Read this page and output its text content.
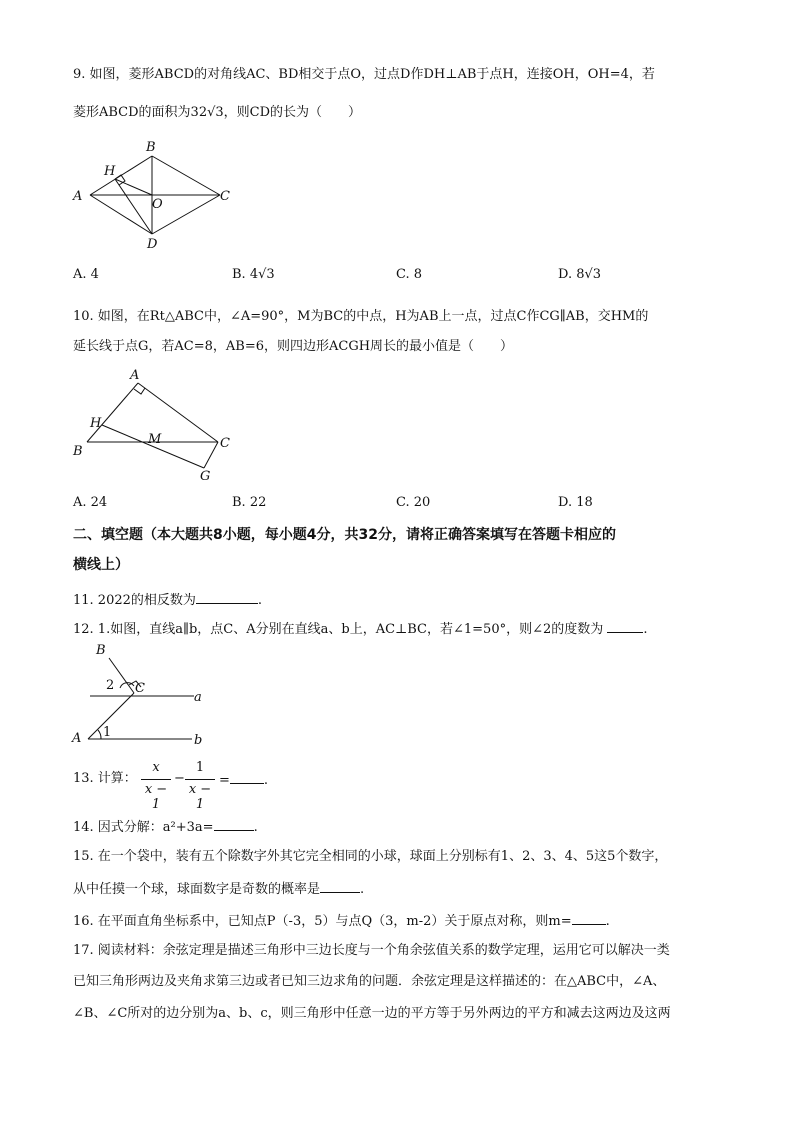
9. 如图，菱形ABCD的对角线AC、BD相交于点O，过点D作DH⊥AB于点H，连接OH，OH=4，若
菱形ABCD的面积为32√3，则CD的长为（　　）
A
B
C
D
H
O
A. 4	B. 4√3	C. 8	D. 8√3
10. 如图，在Rt△ABC中，∠A=90°，M为BC的中点，H为AB上一点，过点C作CG∥AB，交HM的
延长线于点G，若AC=8，AB=6，则四边形ACGH周长的最小值是（　　）
A
B
C
G
H
M
A. 24	B. 22	C. 20	D. 18
二、填空题（本大题共8小题，每小题4分，共32分，请将正确答案填写在答题卡相应的
横线上）
11. 2022的相反数为	.
12. 1.如图，直线a∥b，点C、A分别在直线a、b上，AC⊥BC，若∠1=50°，则∠2的度数为	.
B
C
A
a
b
1
2
13. 计算：
x
x − 1
−
1
x − 1
=	.
14. 因式分解：a²+3a=	.
15. 在一个袋中，装有五个除数字外其它完全相同的小球，球面上分别标有1、2、3、4、5这5个数字，
从中任摸一个球，球面数字是奇数的概率是	.
16. 在平面直角坐标系中，已知点P（-3，5）与点Q（3，m-2）关于原点对称，则m=	.
17. 阅读材料：余弦定理是描述三角形中三边长度与一个角余弦值关系的数学定理，运用它可以解决一类
已知三角形两边及夹角求第三边或者已知三边求角的问题．余弦定理是这样描述的：在△ABC中，∠A、
∠B、∠C所对的边分别为a、b、c，则三角形中任意一边的平方等于另外两边的平方和减去这两边及这两
